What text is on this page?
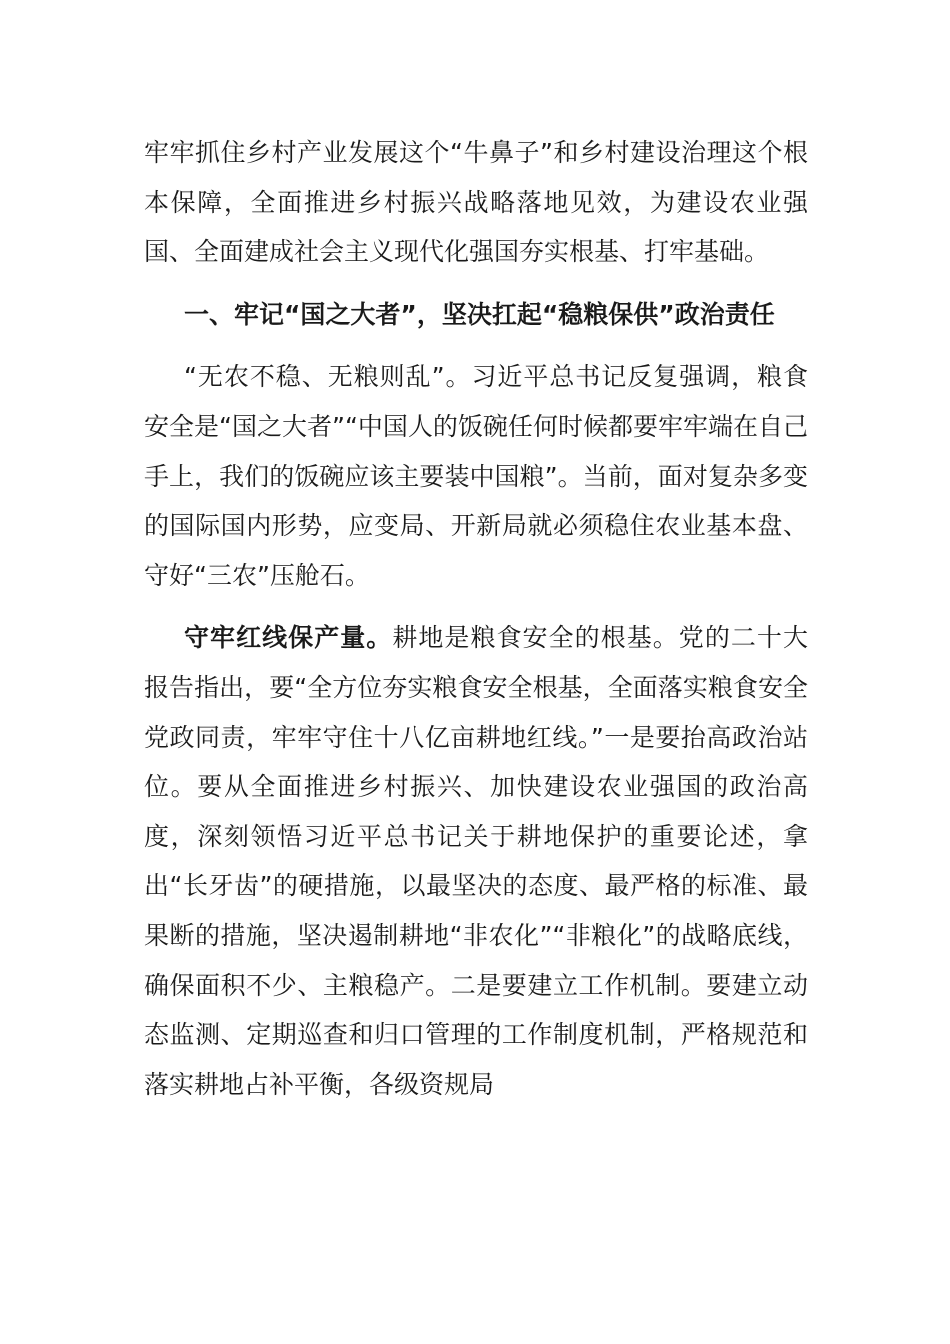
牢牢抓住乡村产业发展这个“牛鼻子”和乡村建设治理这个根本保障，全面推进乡村振兴战略落地见效，为建设农业强国、全面建成社会主义现代化强国夯实根基、打牢基础。

一、牢记“国之大者”，坚决扛起“稳粮保供”政治责任

“无农不稳、无粮则乱”。习近平总书记反复强调，粮食安全是“国之大者”“中国人的饭碗任何时候都要牢牢端在自己手上，我们的饭碗应该主要装中国粮”。当前，面对复杂多变的国际国内形势，应变局、开新局就必须稳住农业基本盘、守好“三农”压舱石。

守牢红线保产量。耕地是粮食安全的根基。党的二十大报告指出，要“全方位夯实粮食安全根基，全面落实粮食安全党政同责，牢牢守住十八亿亩耕地红线。”一是要抬高政治站位。要从全面推进乡村振兴、加快建设农业强国的政治高度，深刻领悟习近平总书记关于耕地保护的重要论述，拿出“长牙齿”的硬措施，以最坚决的态度、最严格的标准、最果断的措施，坚决遏制耕地“非农化”“非粮化”的战略底线，确保面积不少、主粮稳产。二是要建立工作机制。要建立动态监测、定期巡查和归口管理的工作制度机制，严格规范和落实耕地占补平衡，各级资规局
